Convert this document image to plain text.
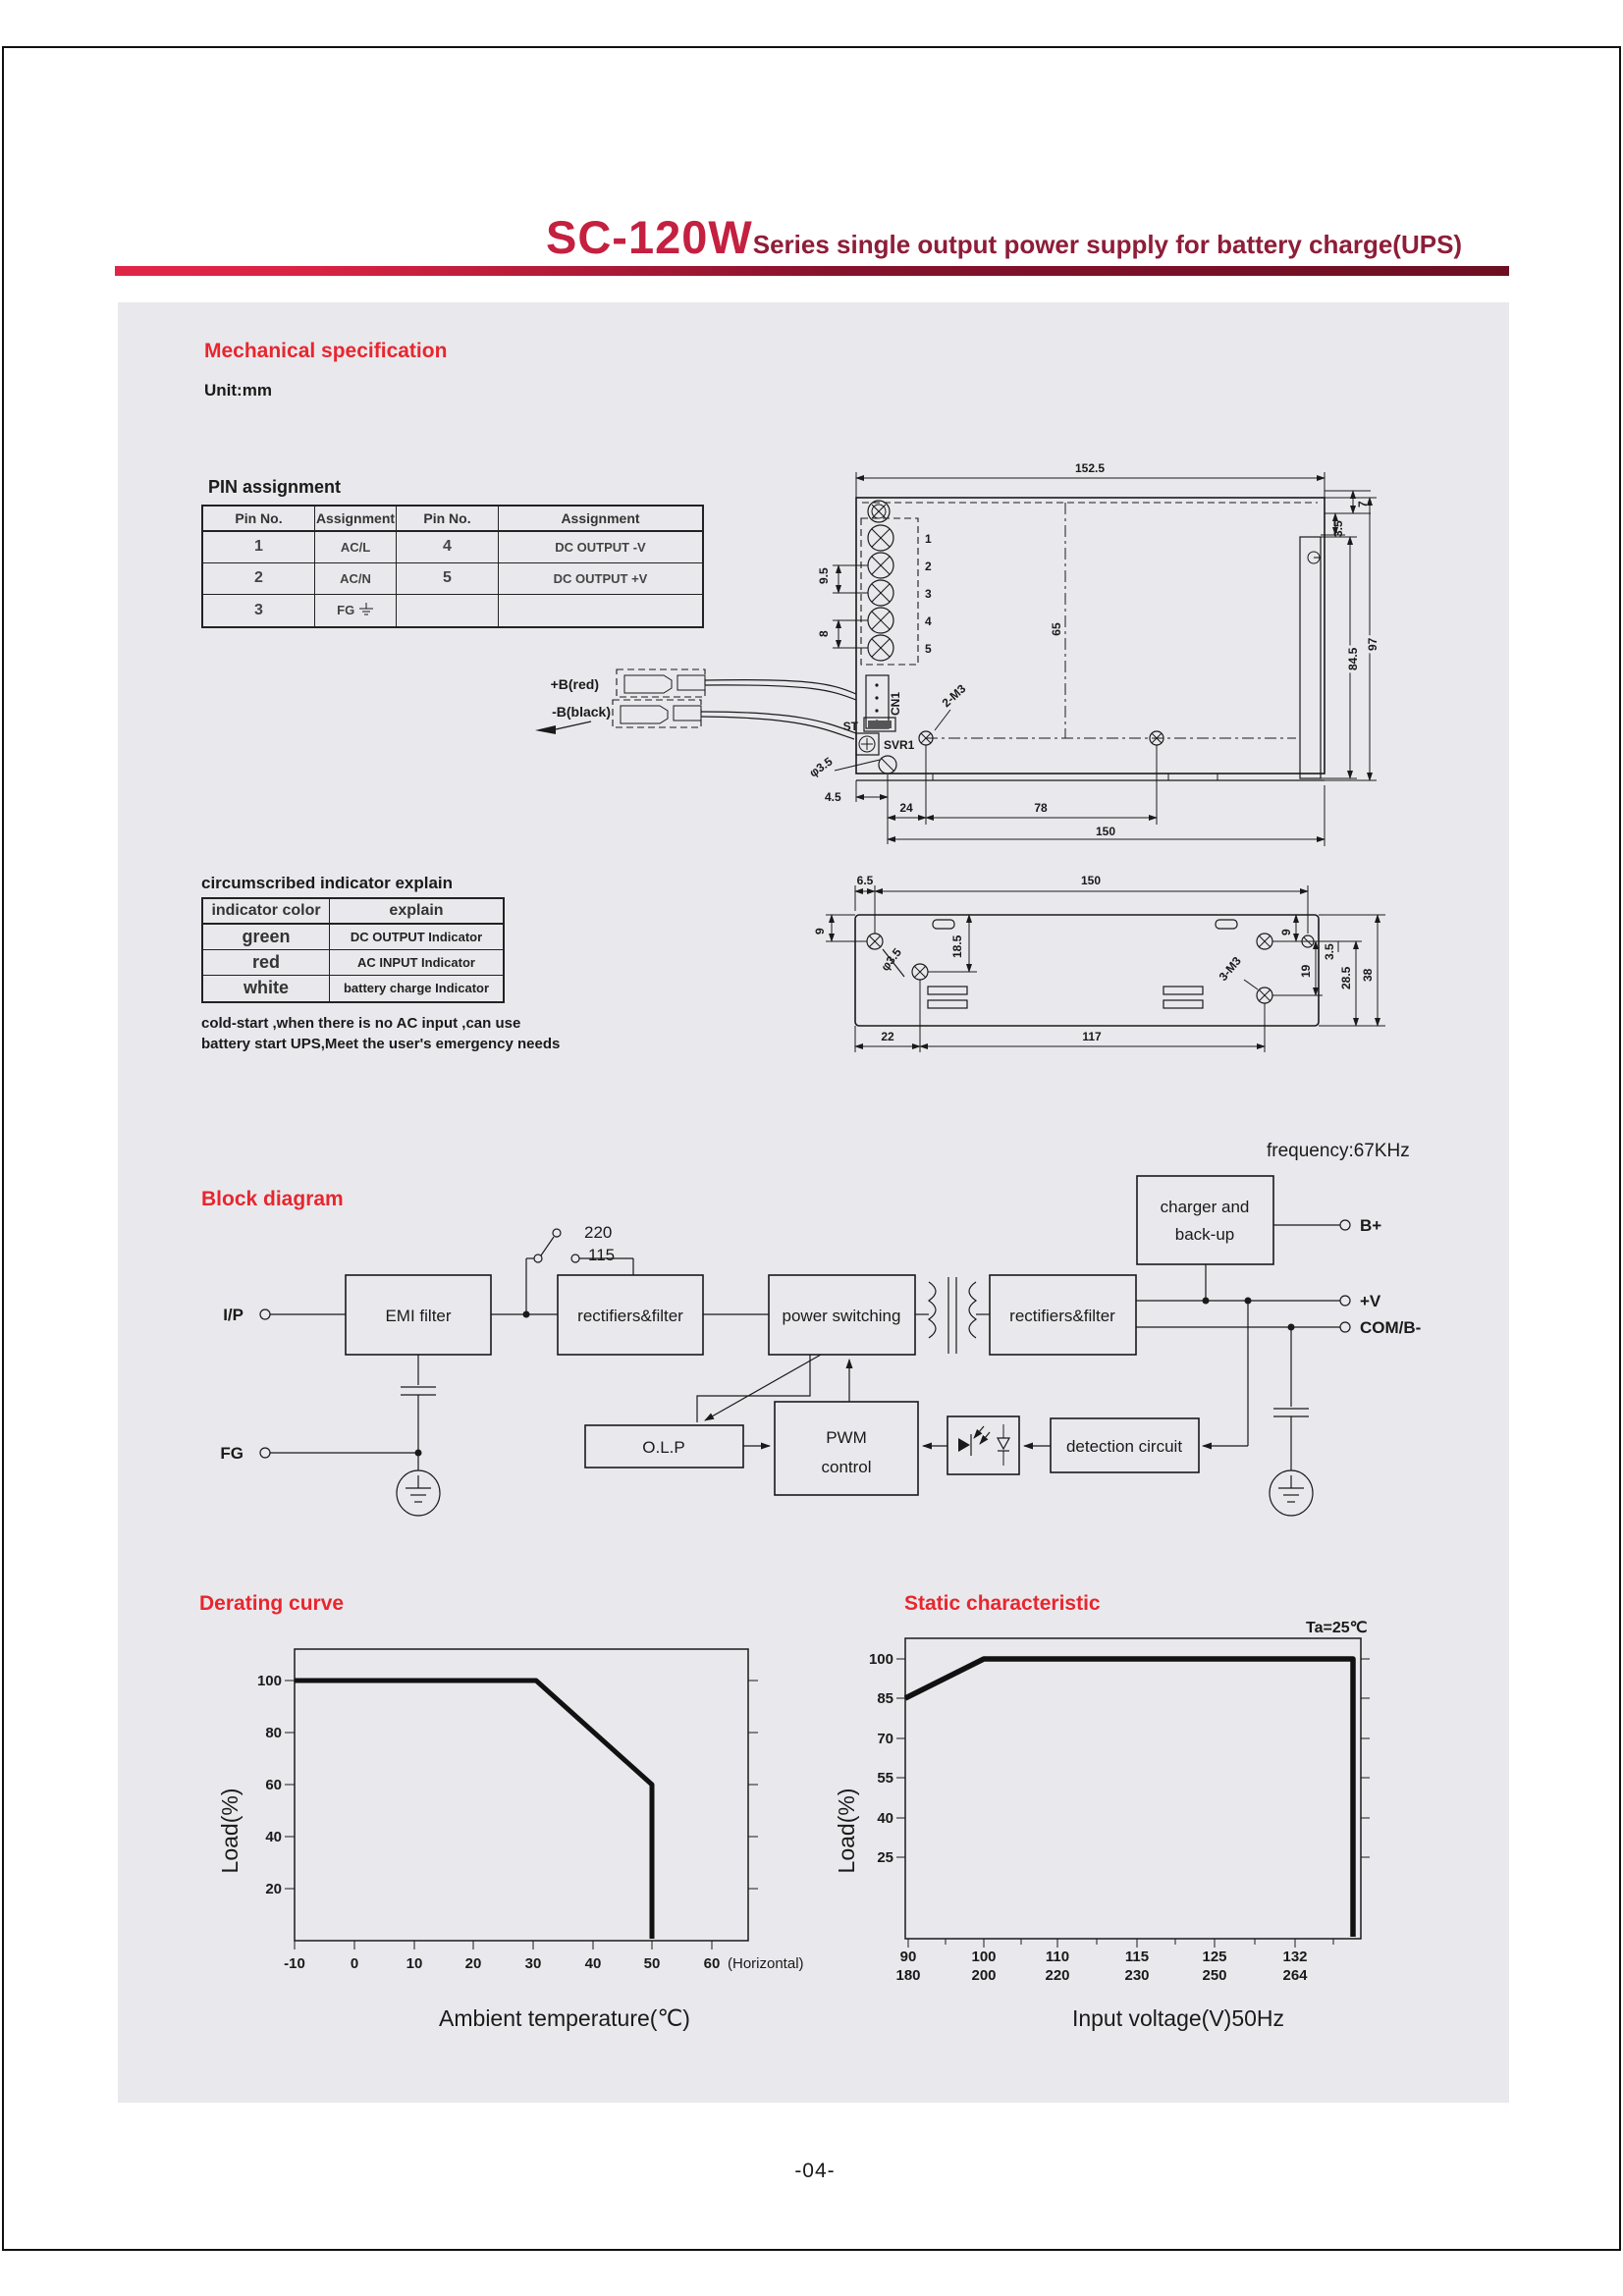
SC-120WSeries single output power supply for battery charge(UPS)
Mechanical specification
Unit:mm
PIN assignment
Pin No.	Assignment	Pin No.	Assignment
1	AC/L	4	DC OUTPUT -V
2	AC/N	5	DC OUTPUT +V
3	FG		
1
2
3
4
5
9.5
8
CN1
ST
SVR1
φ3.5
4.5
2-M3
65
152.5
7
3.5
84.5
97
24	78
150
+B(red)
-B(black)
φ3.5	3-M3
6.5	150
9
18.5
9
19
3.5
28.5 38
22	117
circumscribed indicator explain
indicator color	explain
green	DC OUTPUT Indicator
red	AC INPUT Indicator
white	battery charge Indicator
cold-start ,when there is no AC input ,can use
battery start UPS,Meet the user's emergency needs
frequency:67KHz
Block diagram
I/P
FG
220
115
EMI filter	rectifiers&filter	power switching	rectifiers&filter
charger and
back-up
O.L.P
PWM
control
detection circuit
B+
+V
COM/B-
Derating curve	Static characteristic
Ta=25℃
100
80
60
40
20
-10	0	10	20	30	40	50	60 (Horizontal)
Load(%)
Ambient temperature(℃)
100
85
70
55
40
25
90	100	110	115	125	132
180	200	220	230	250	264
Load(%)
Input voltage(V)50Hz
-04-
